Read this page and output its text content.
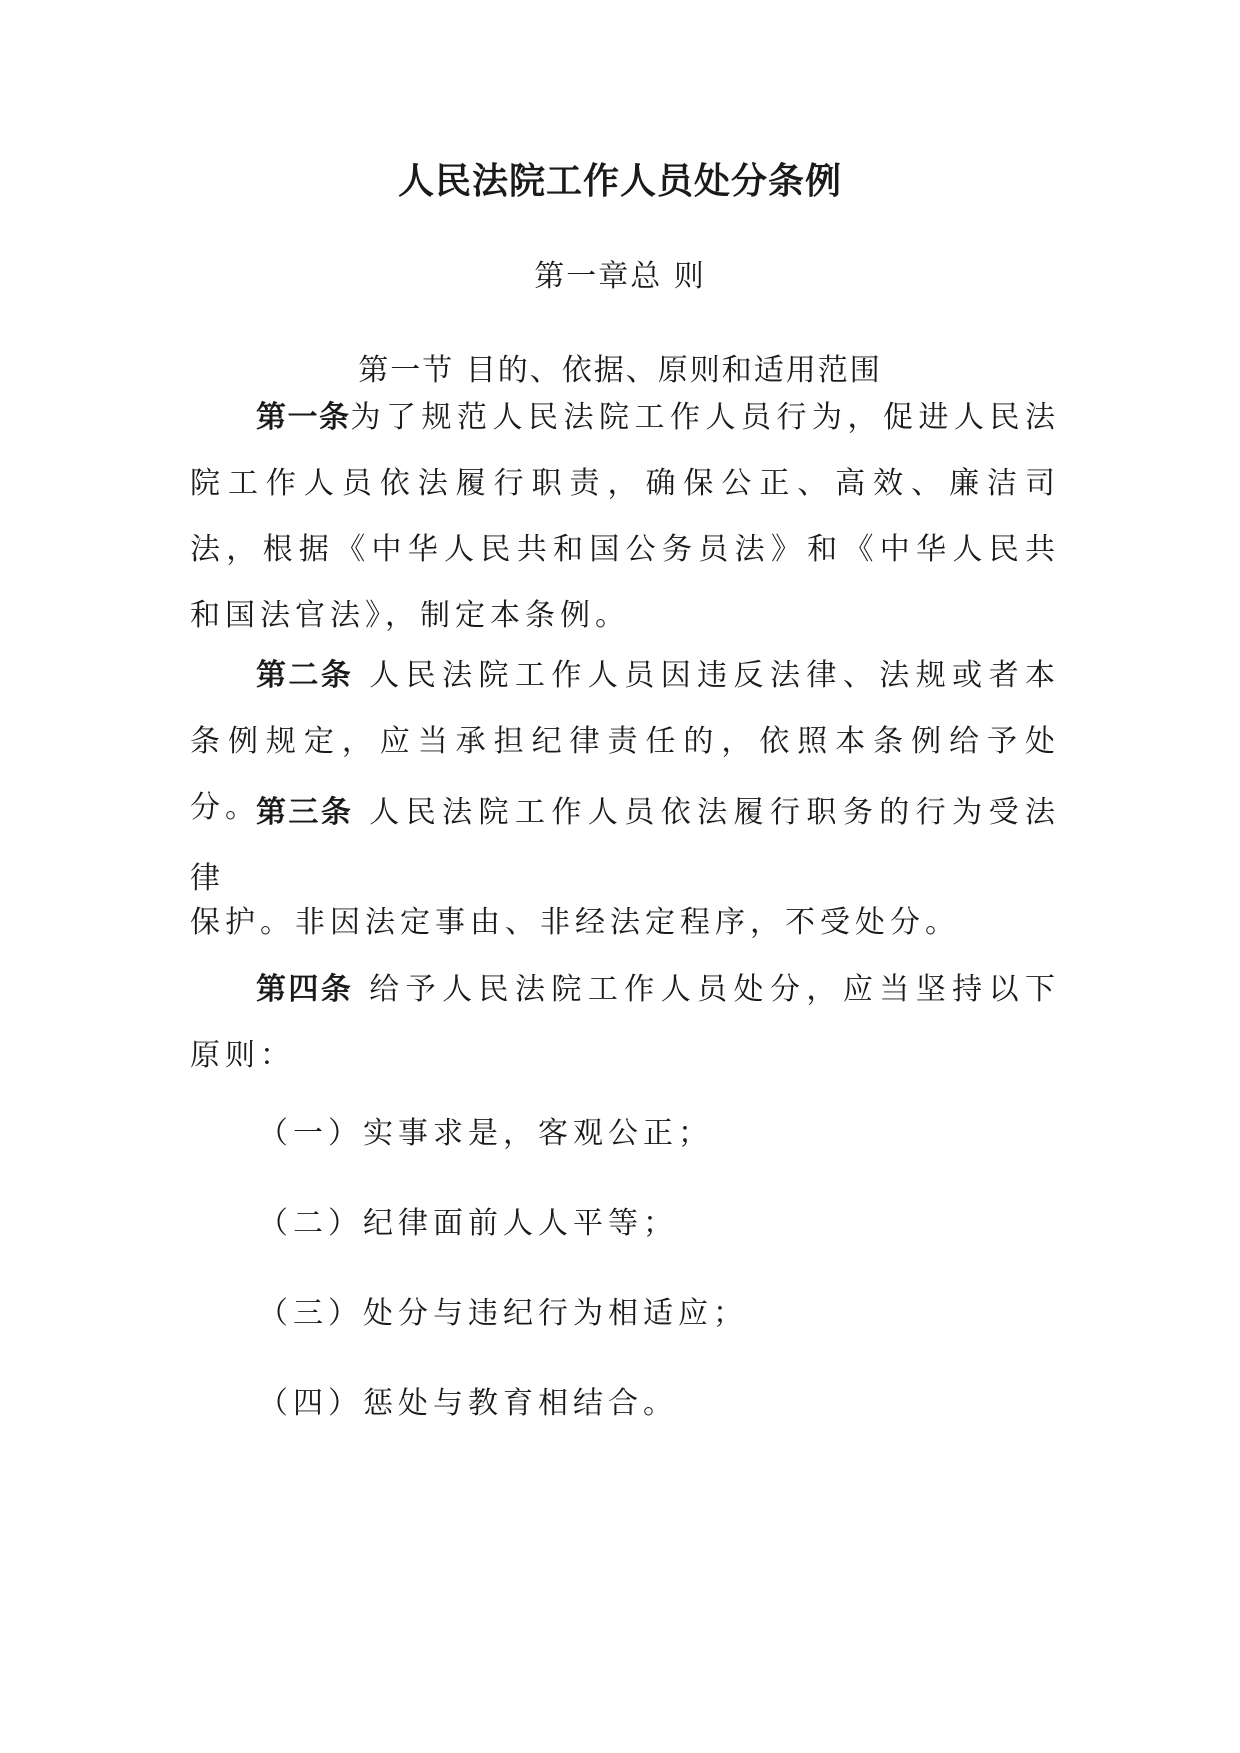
人民法院工作人员处分条例
第一章总 则
第一节 目的、依据、原则和适用范围

第一条为了规范人民法院工作人员行为，促进人民法院工作人员依法履行职责，确保公正、高效、廉洁司法，根据《中华人民共和国公务员法》和《中华人民共和国法官法》，制定本条例。

第二条 人民法院工作人员因违反法律、法规或者本条例规定，应当承担纪律责任的，依照本条例给予处分。

第三条 人民法院工作人员依法履行职务的行为受法律

保护。非因法定事由、非经法定程序，不受处分。

第四条 给予人民法院工作人员处分，应当坚持以下原则：

（一）实事求是，客观公正；

（二）纪律面前人人平等；

（三）处分与违纪行为相适应；

（四）惩处与教育相结合。
